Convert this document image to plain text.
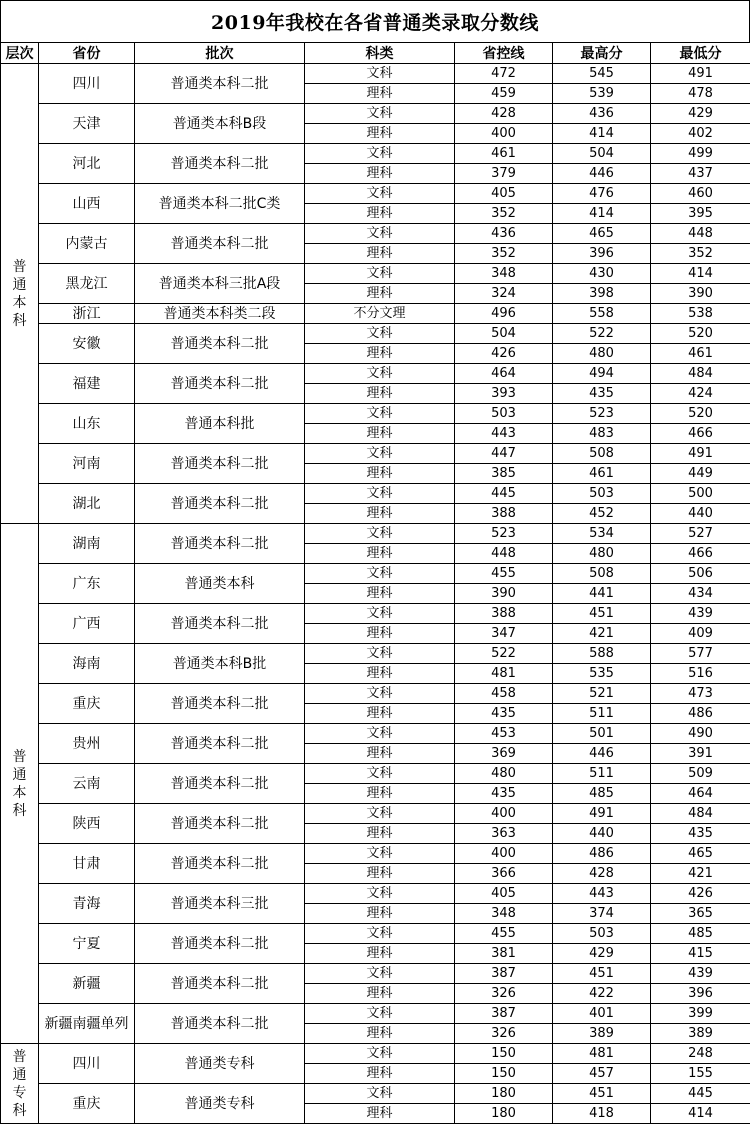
2019年我校在各省普通类录取分数线
层次	省份	批次	科类	省控线	最高分	最低分
普通本科	四川	普通类本科二批	文科	472	545	491
			理科	459	539	478
	天津	普通类本科B段	文科	428	436	429
			理科	400	414	402
	河北	普通类本科二批	文科	461	504	499
			理科	379	446	437
	山西	普通类本科二批C类	文科	405	476	460
			理科	352	414	395
	内蒙古	普通类本科二批	文科	436	465	448
			理科	352	396	352
	黑龙江	普通类本科三批A段	文科	348	430	414
			理科	324	398	390
	浙江	普通类本科类二段	不分文理	496	558	538
	安徽	普通类本科二批	文科	504	522	520
			理科	426	480	461
	福建	普通类本科二批	文科	464	494	484
			理科	393	435	424
	山东	普通本科批	文科	503	523	520
			理科	443	483	466
	河南	普通类本科二批	文科	447	508	491
			理科	385	461	449
	湖北	普通类本科二批	文科	445	503	500
			理科	388	452	440
普通本科	湖南	普通类本科二批	文科	523	534	527
			理科	448	480	466
	广东	普通类本科	文科	455	508	506
			理科	390	441	434
	广西	普通类本科二批	文科	388	451	439
			理科	347	421	409
	海南	普通类本科B批	文科	522	588	577
			理科	481	535	516
	重庆	普通类本科二批	文科	458	521	473
			理科	435	511	486
	贵州	普通类本科二批	文科	453	501	490
			理科	369	446	391
	云南	普通类本科二批	文科	480	511	509
			理科	435	485	464
	陕西	普通类本科二批	文科	400	491	484
			理科	363	440	435
	甘肃	普通类本科二批	文科	400	486	465
			理科	366	428	421
	青海	普通类本科三批	文科	405	443	426
			理科	348	374	365
	宁夏	普通类本科二批	文科	455	503	485
			理科	381	429	415
	新疆	普通类本科二批	文科	387	451	439
			理科	326	422	396
	新疆南疆单列	普通类本科二批	文科	387	401	399
			理科	326	389	389
普通专科	四川	普通类专科	文科	150	481	248
			理科	150	457	155
	重庆	普通类专科	文科	180	451	445
			理科	180	418	414
